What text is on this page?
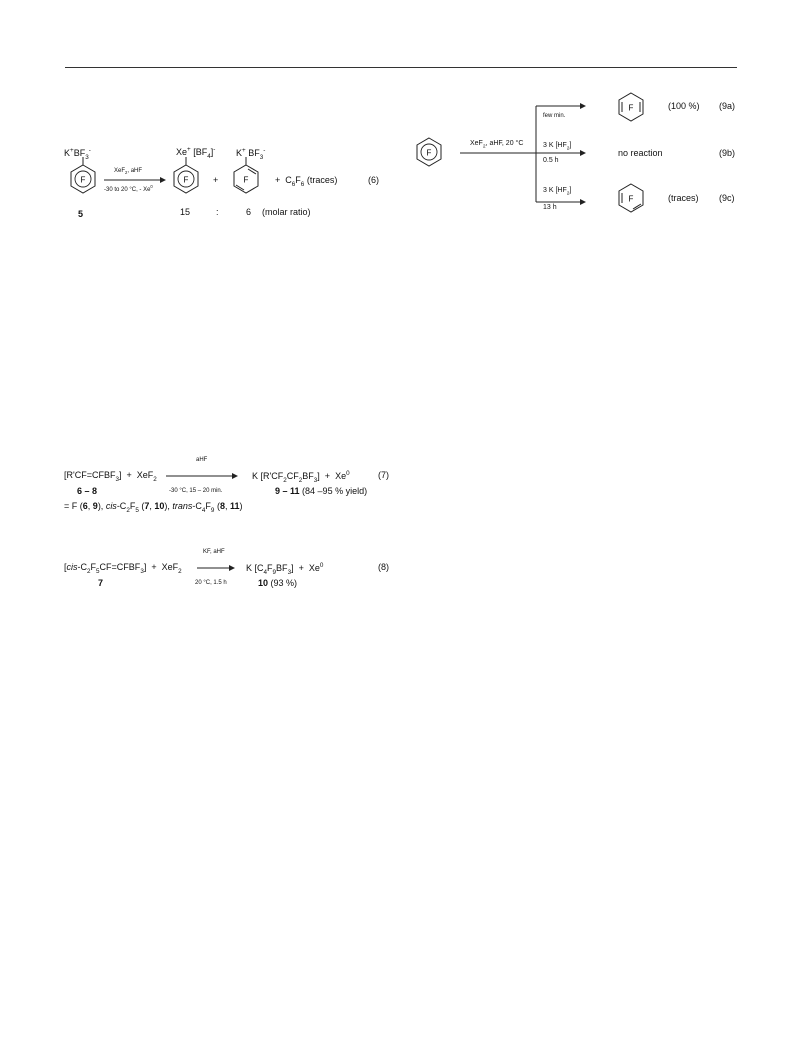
$K^+BF_3^-$
F
5
XeF$_2$, aHF
-30 to 20 °C, - Xe$^0$
Xe+ $[BF_4]^-$
F	+
K+ $BF_3^-$
F	+ $C_6F_6$ (traces)	(6)
15	:	6 (molar ratio)
F
XeF$_2$, aHF, 20 °C
few min.
F	(100 %) (9a)
3 K $[HF_2]$
0.5 h
no reaction	(9b)
3 K $[HF_2]$
13 h
F	(traces) (9c)
$[R'CF=CFBF_3] + XeF_2$
aHF
-30 °C, 15 – 20 min.
K $[R'CF_2CF_2BF_3] + Xe^0$	(7)
6 – 8	9 – 11 (84 –95 % yield)
= F (6, 9), cis-$C_2F_5$ (7, 10), trans-$C_4F_9$ (8, 11)
$[cis-C_2F_5CF=CFBF_3] + XeF_2$
KF, aHF
20 °C, 1.5 h
K $[C_4F_9BF_3] + Xe^0$	(8)
7	10 (93 %)
